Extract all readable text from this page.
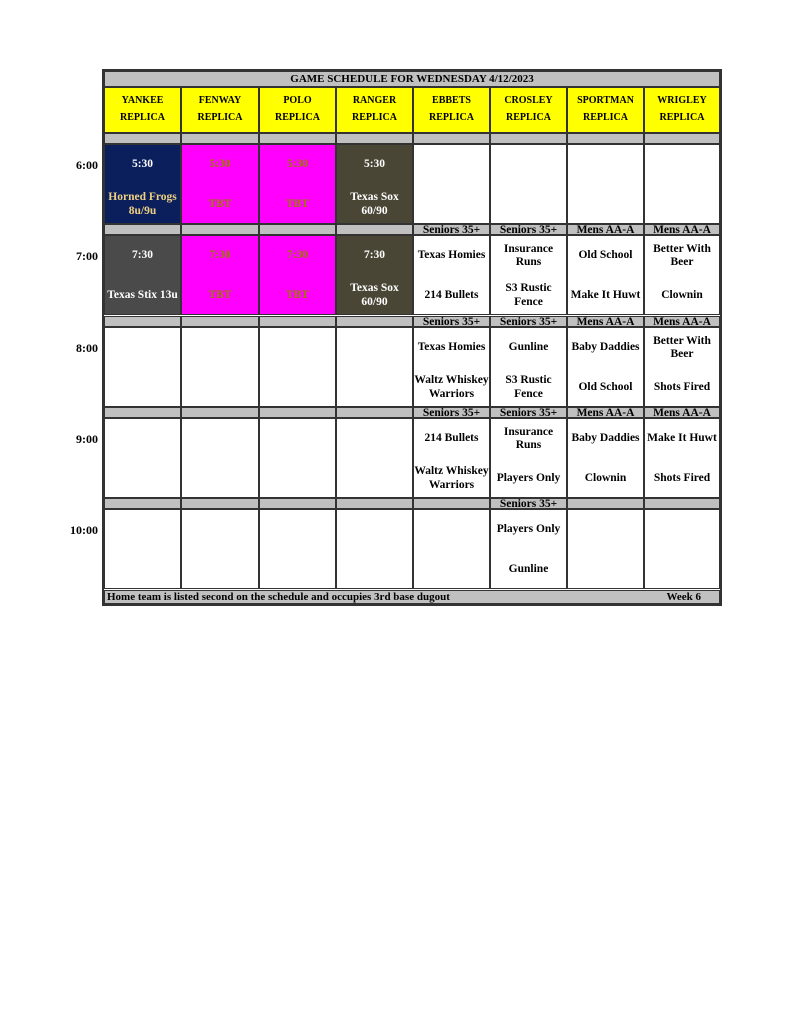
GAME SCHEDULE FOR WEDNESDAY 4/12/2023
Home team is listed second on the schedule and occupies 3rd base dugout	Week 6
YANKEE
REPLICA
FENWAY
REPLICA
POLO
REPLICA
RANGER
REPLICA
EBBETS
REPLICA
CROSLEY
REPLICA
SPORTMAN
REPLICA
WRIGLEY
REPLICA
5:30
Horned Frogs 8u/9u
5:30
TBT
5:30
TBT
5:30
Texas Sox 60/90
7:30
Texas Stix 13u
7:30
TBT
7:30
TBT
7:30
Texas Sox 60/90
Seniors 35+
Texas Homies
214 Bullets
Seniors 35+
Insurance Runs
S3 Rustic Fence
Mens AA-A
Old School
Make It Huwt
Mens AA-A
Better With Beer
Clownin
Seniors 35+
Texas Homies
Waltz Whiskey Warriors
Seniors 35+
Gunline
S3 Rustic Fence
Mens AA-A
Baby Daddies
Old School
Mens AA-A
Better With Beer
Shots Fired
Seniors 35+
214 Bullets
Waltz Whiskey Warriors
Seniors 35+
Insurance Runs
Players Only
Mens AA-A
Baby Daddies
Clownin
Mens AA-A
Make It Huwt
Shots Fired
Seniors 35+
Players Only
Gunline
6:00
7:00
8:00
9:00
10:00
